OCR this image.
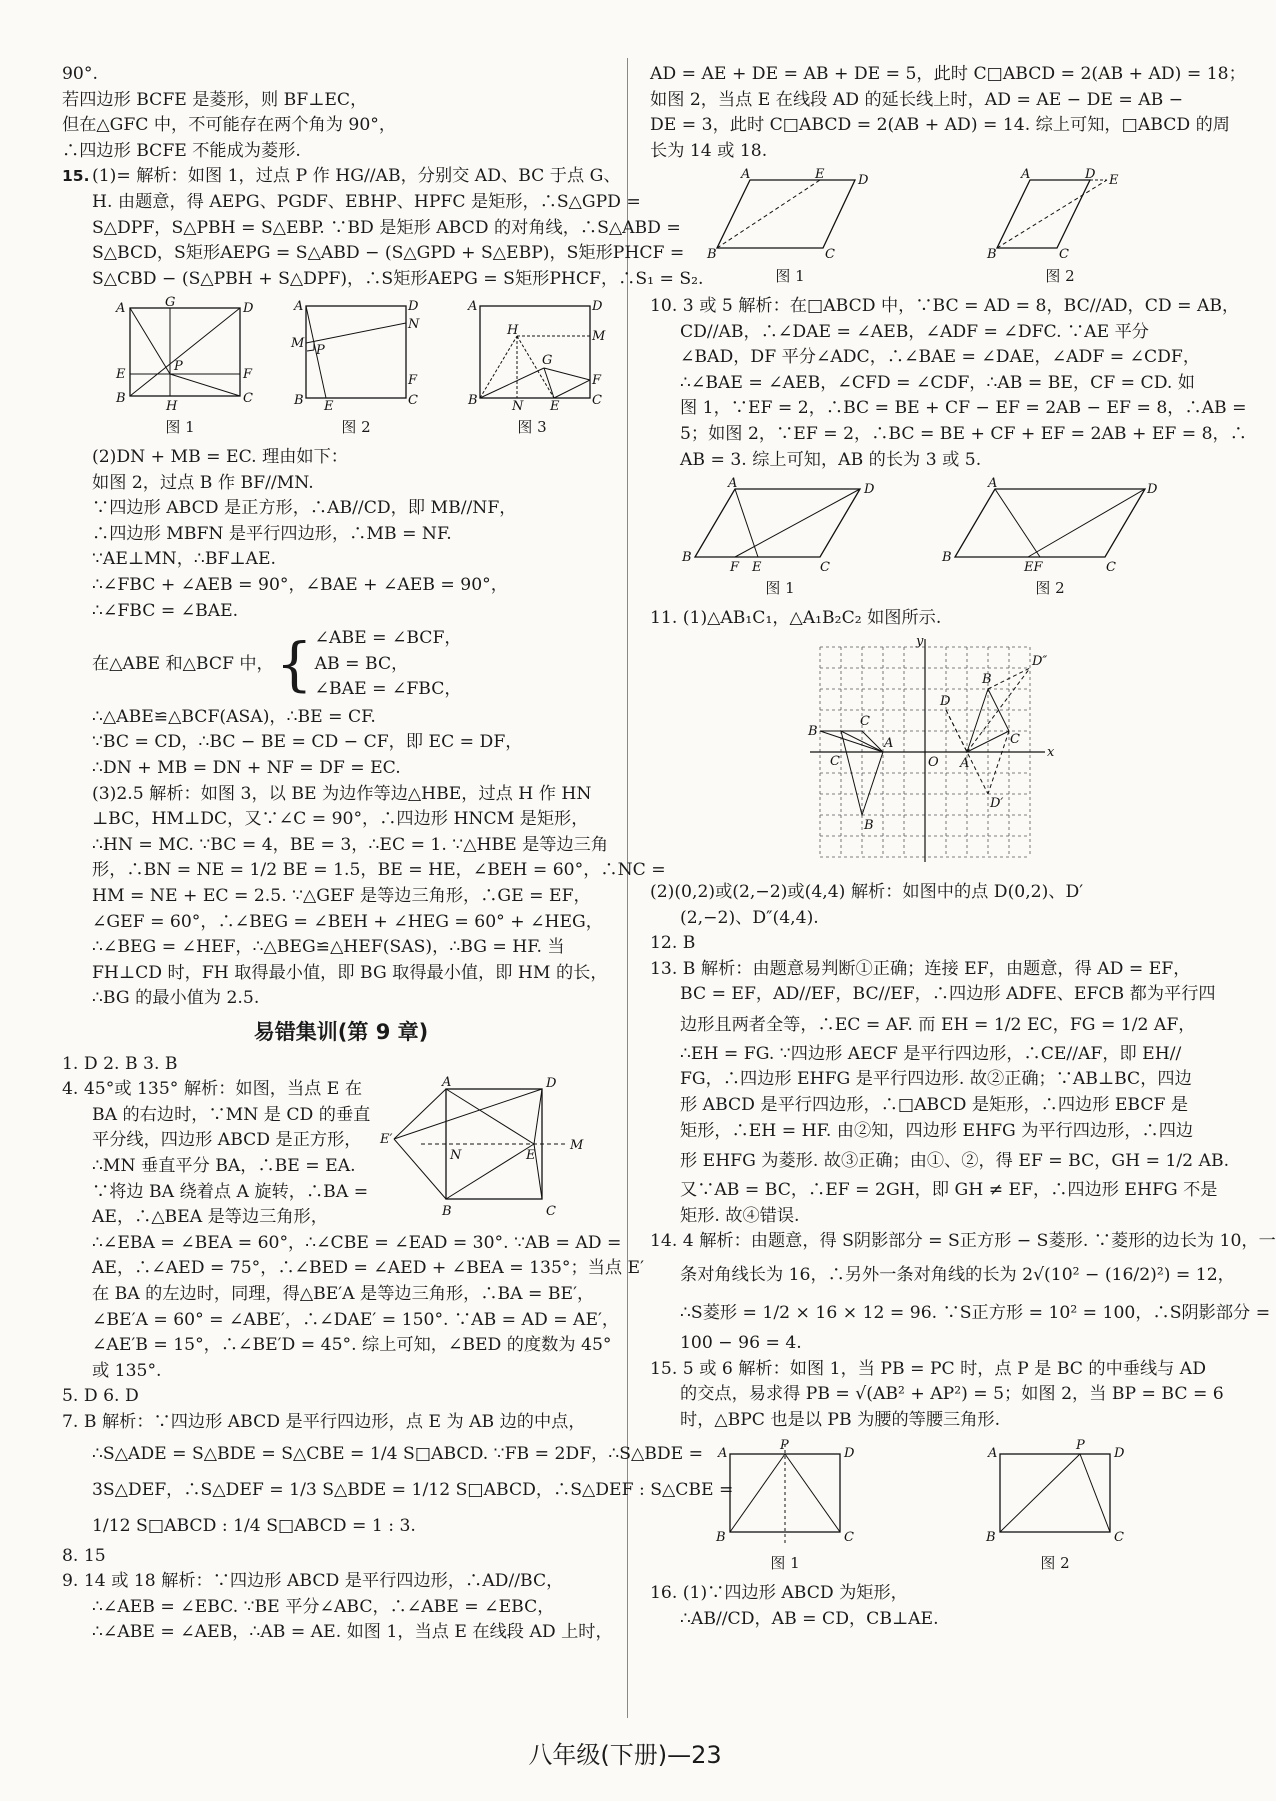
90°.
若四边形 BCFE 是菱形，则 BF⊥EC，
但在△GFC 中，不可能存在两个角为 90°，
∴四边形 BCFE 不能成为菱形.
15. (1)= 解析：如图 1，过点 P 作 HG//AB，分别交 AD、BC 于点 G、
H. 由题意，得 AEPG、PGDF、EBHP、HPFC 是矩形，∴S△GPD =
S△DPF，S△PBH = S△EBP. ∵BD 是矩形 ABCD 的对角线，∴S△ABD =
S△BCD，S矩形AEPG = S△ABD − (S△GPD + S△EBP)，S矩形PHCF =
S△CBD − (S△PBH + S△DPF)，∴S矩形AEPG = S矩形PHCF，∴S₁ = S₂.
A	D
G
E	F
P
B
H
C
图 1
A	D
M
N
P
F
B E	C
图 2
A	D
H	M
G
F
B	N E	C
图 3
(2)DN + MB = EC. 理由如下：
如图 2，过点 B 作 BF//MN.
∵四边形 ABCD 是正方形，∴AB//CD，即 MB//NF，
∴四边形 MBFN 是平行四边形，∴MB = NF.
∵AE⊥MN，∴BF⊥AE.
∴∠FBC + ∠AEB = 90°，∠BAE + ∠AEB = 90°，
∴∠FBC = ∠BAE.
在△ABE 和△BCF 中， { ∠ABE = ∠BCF，
AB = BC，
∠BAE = ∠FBC，
∴△ABE≌△BCF(ASA)，∴BE = CF.
∵BC = CD，∴BC − BE = CD − CF，即 EC = DF，
∴DN + MB = DN + NF = DF = EC.
(3)2.5 解析：如图 3，以 BE 为边作等边△HBE，过点 H 作 HN
⊥BC，HM⊥DC，又∵∠C = 90°，∴四边形 HNCM 是矩形，
∴HN = MC. ∵BC = 4，BE = 3，∴EC = 1. ∵△HBE 是等边三角
形，∴BN = NE = 1/2 BE = 1.5，BE = HE，∠BEH = 60°，∴NC =
HM = NE + EC = 2.5. ∵△GEF 是等边三角形，∴GE = EF，
∠GEF = 60°，∴∠BEG = ∠BEH + ∠HEG = 60° + ∠HEG，
∴∠BEG = ∠HEF，∴△BEG≌△HEF(SAS)，∴BG = HF. 当
FH⊥CD 时，FH 取得最小值，即 BG 取得最小值，即 HM 的长，
∴BG 的最小值为 2.5.
易错集训(第 9 章)
1. D 2. B 3. B
4. 45°或 135° 解析：如图，当点 E 在
BA 的右边时，∵MN 是 CD 的垂直
平分线，四边形 ABCD 是正方形，
∴MN 垂直平分 BA，∴BE = EA.
∵将边 BA 绕着点 A 旋转，∴BA =
AE，∴△BEA 是等边三角形，
A	D
E′
N	E
M
B	C
∴∠EBA = ∠BEA = 60°，∴∠CBE = ∠EAD = 30°. ∵AB = AD =
AE，∴∠AED = 75°，∴∠BED = ∠AED + ∠BEA = 135°；当点 E′
在 BA 的左边时，同理，得△BE′A 是等边三角形，∴BA = BE′，
∠BE′A = 60° = ∠ABE′，∴∠DAE′ = 150°. ∵AB = AD = AE′，
∠AE′B = 15°，∴∠BE′D = 45°. 综上可知，∠BED 的度数为 45°
或 135°.
5. D 6. D
7. B 解析：∵四边形 ABCD 是平行四边形，点 E 为 AB 边的中点，
∴S△ADE = S△BDE = S△CBE = 1/4 S□ABCD. ∵FB = 2DF，∴S△BDE =
3S△DEF，∴S△DEF = 1/3 S△BDE = 1/12 S□ABCD，∴S△DEF : S△CBE =
1/12 S□ABCD : 1/4 S□ABCD = 1 : 3.
8. 15
9. 14 或 18 解析：∵四边形 ABCD 是平行四边形，∴AD//BC，
∴∠AEB = ∠EBC. ∵BE 平分∠ABC，∴∠ABE = ∠EBC，
∴∠ABE = ∠AEB，∴AB = AE. 如图 1，当点 E 在线段 AD 上时，
AD = AE + DE = AB + DE = 5，此时 C□ABCD = 2(AB + AD) = 18；
如图 2，当点 E 在线段 AD 的延长线上时，AD = AE − DE = AB −
DE = 3，此时 C□ABCD = 2(AB + AD) = 14. 综上可知，□ABCD 的周
长为 14 或 18.
A	E	D
B	C
图 1
A	D E
B	C
图 2
10. 3 或 5 解析：在□ABCD 中，∵BC = AD = 8，BC//AD，CD = AB，
CD//AB，∴∠DAE = ∠AEB，∠ADF = ∠DFC. ∵AE 平分
∠BAD，DF 平分∠ADC，∴∠BAE = ∠DAE，∠ADF = ∠CDF，
∴∠BAE = ∠AEB，∠CFD = ∠CDF，∴AB = BE，CF = CD. 如
图 1，∵EF = 2，∴BC = BE + CF − EF = 2AB − EF = 8，∴AB =
5；如图 2，∵EF = 2，∴BC = BE + CF + EF = 2AB + EF = 8，∴
AB = 3. 综上可知，AB 的长为 3 或 5.
A	D
B
F E	C
图 1
A	D
B
EF	C
图 2
11. (1)△AB₁C₁，△A₁B₂C₂ 如图所示.
y
x
O
A
C
B
C
B
D
B
D″
C
A
D′
(2)(0,2)或(2,−2)或(4,4) 解析：如图中的点 D(0,2)、D′
(2,−2)、D″(4,4).
12. B
13. B 解析：由题意易判断①正确；连接 EF，由题意，得 AD = EF，
BC = EF，AD//EF，BC//EF，∴四边形 ADFE、EFCB 都为平行四
边形且两者全等，∴EC = AF. 而 EH = 1/2 EC，FG = 1/2 AF，
∴EH = FG. ∵四边形 AECF 是平行四边形，∴CE//AF，即 EH//
FG，∴四边形 EHFG 是平行四边形. 故②正确；∵AB⊥BC，四边
形 ABCD 是平行四边形，∴□ABCD 是矩形，∴四边形 EBCF 是
矩形，∴EH = HF. 由②知，四边形 EHFG 为平行四边形，∴四边
形 EHFG 为菱形. 故③正确；由①、②，得 EF = BC，GH = 1/2 AB.
又∵AB = BC，∴EF = 2GH，即 GH ≠ EF，∴四边形 EHFG 不是
矩形. 故④错误.
14. 4 解析：由题意，得 S阴影部分 = S正方形 − S菱形. ∵菱形的边长为 10，一
条对角线长为 16，∴另外一条对角线的长为 2√(10² − (16/2)²) = 12，
∴S菱形 = 1/2 × 16 × 12 = 96. ∵S正方形 = 10² = 100，∴S阴影部分 =
100 − 96 = 4.
15. 5 或 6 解析：如图 1，当 PB = PC 时，点 P 是 BC 的中垂线与 AD
的交点，易求得 PB = √(AB² + AP²) = 5；如图 2，当 BP = BC = 6
时，△BPC 也是以 PB 为腰的等腰三角形.
A
P
D
B	C
图 1
A
P
D
B	C
图 2
16. (1)∵四边形 ABCD 为矩形，
∴AB//CD，AB = CD，CB⊥AE.
八年级(下册)—23
